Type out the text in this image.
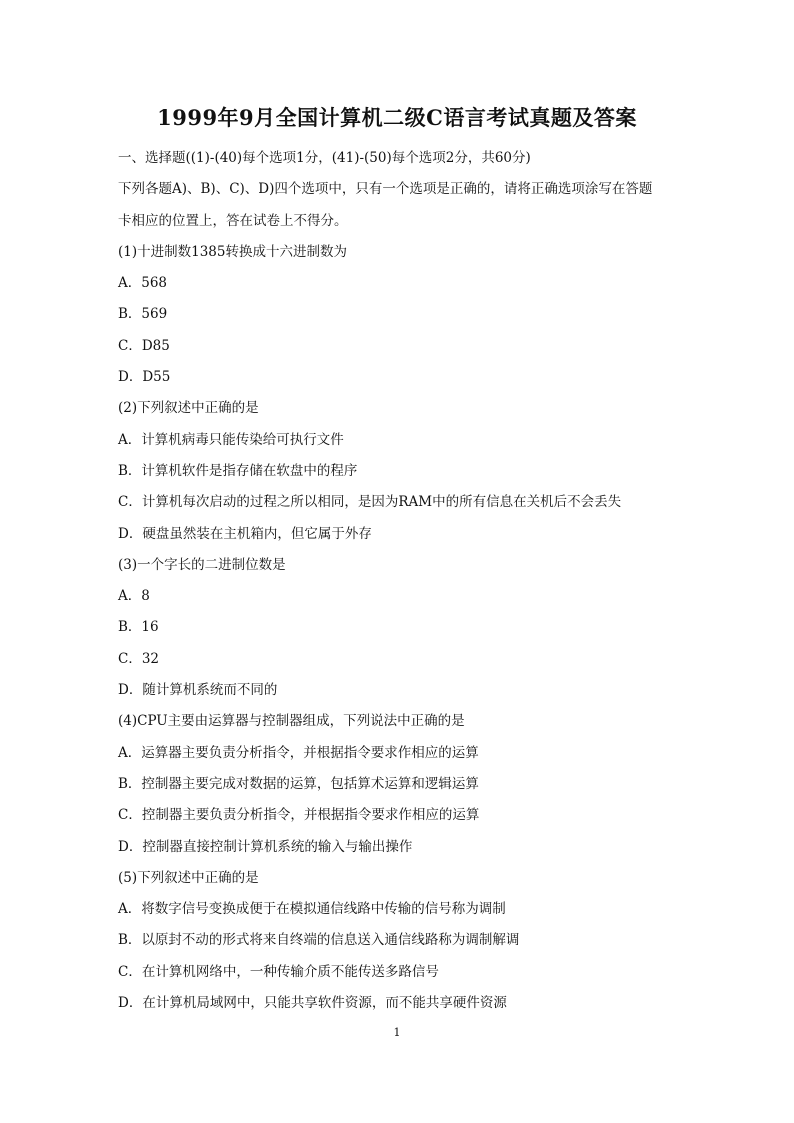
1999年9月全国计算机二级C语言考试真题及答案
一、选择题((1)-(40)每个选项1分，(41)-(50)每个选项2分，共60分)
下列各题A)、B)、C)、D)四个选项中，只有一个选项是正确的，请将正确选项涂写在答题
卡相应的位置上，答在试卷上不得分。
(1)十进制数1385转换成十六进制数为
A．568
B．569
C．D85
D．D55
(2)下列叙述中正确的是
A．计算机病毒只能传染给可执行文件
B．计算机软件是指存储在软盘中的程序
C．计算机每次启动的过程之所以相同，是因为RAM中的所有信息在关机后不会丢失
D．硬盘虽然装在主机箱内，但它属于外存
(3)一个字长的二进制位数是
A．8
B．16
C．32
D．随计算机系统而不同的
(4)CPU主要由运算器与控制器组成，下列说法中正确的是
A．运算器主要负责分析指令，并根据指令要求作相应的运算
B．控制器主要完成对数据的运算，包括算术运算和逻辑运算
C．控制器主要负责分析指令，并根据指令要求作相应的运算
D．控制器直接控制计算机系统的输入与输出操作
(5)下列叙述中正确的是
A．将数字信号变换成便于在模拟通信线路中传输的信号称为调制
B．以原封不动的形式将来自终端的信息送入通信线路称为调制解调
C．在计算机网络中，一种传输介质不能传送多路信号
D．在计算机局域网中，只能共享软件资源，而不能共享硬件资源
1
